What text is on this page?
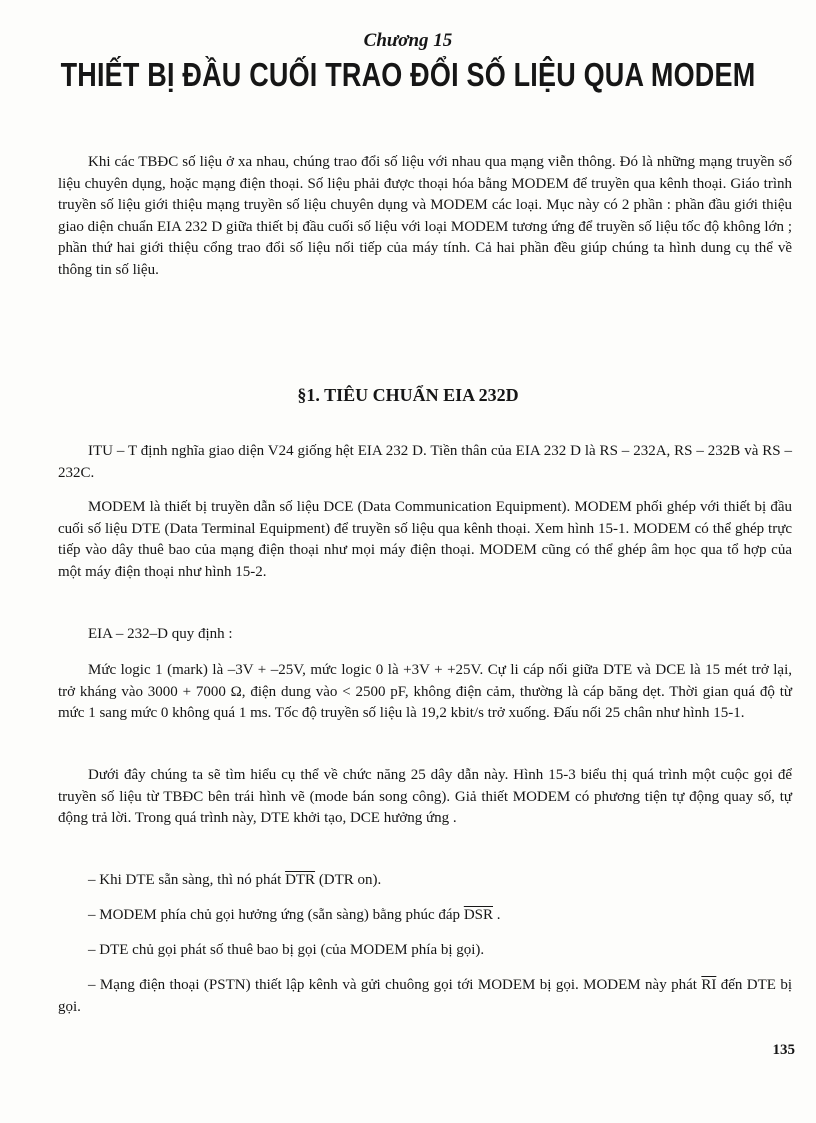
Chương 15
THIẾT BỊ ĐẦU CUỐI TRAO ĐỔI SỐ LIỆU QUA MODEM

Khi các TBĐC số liệu ở xa nhau, chúng trao đổi số liệu với nhau qua mạng viễn thông. Đó là những mạng truyền số liệu chuyên dụng, hoặc mạng điện thoại. Số liệu phải được thoại hóa bằng MODEM để truyền qua kênh thoại. Giáo trình truyền số liệu giới thiệu mạng truyền số liệu chuyên dụng và MODEM các loại. Mục này có 2 phần : phần đầu giới thiệu giao diện chuẩn EIA 232 D giữa thiết bị đầu cuối số liệu với loại MODEM tương ứng để truyền số liệu tốc độ không lớn ; phần thứ hai giới thiệu cổng trao đổi số liệu nối tiếp của máy tính. Cả hai phần đều giúp chúng ta hình dung cụ thể về thông tin số liệu.

§1. TIÊU CHUẨN EIA 232D

ITU – T định nghĩa giao diện V24 giống hệt EIA 232 D. Tiền thân của EIA 232 D là RS – 232A, RS – 232B và RS – 232C.

MODEM là thiết bị truyền dẫn số liệu DCE (Data Communication Equipment). MODEM phối ghép với thiết bị đầu cuối số liệu DTE (Data Terminal Equipment) để truyền số liệu qua kênh thoại. Xem hình 15-1. MODEM có thể ghép trực tiếp vào dây thuê bao của mạng điện thoại như mọi máy điện thoại. MODEM cũng có thể ghép âm học qua tổ hợp của một máy điện thoại như hình 15-2.

EIA – 232–D quy định :

Mức logic 1 (mark) là –3V + –25V, mức logic 0 là +3V + +25V. Cự li cáp nối giữa DTE và DCE là 15 mét trở lại, trở kháng vào 3000 + 7000 Ω, điện dung vào < 2500 pF, không điện cảm, thường là cáp băng dẹt. Thời gian quá độ từ mức 1 sang mức 0 không quá 1 ms. Tốc độ truyền số liệu là 19,2 kbit/s trở xuống. Đấu nối 25 chân như hình 15-1.

Dưới đây chúng ta sẽ tìm hiểu cụ thể về chức năng 25 dây dẫn này. Hình 15-3 biểu thị quá trình một cuộc gọi để truyền số liệu từ TBĐC bên trái hình vẽ (mode bán song công). Giả thiết MODEM có phương tiện tự động quay số, tự động trả lời. Trong quá trình này, DTE khởi tạo, DCE hưởng ứng .

– Khi DTE sẵn sàng, thì nó phát $\overline{DTR}$ (DTR on).

– MODEM phía chủ gọi hưởng ứng (sẵn sàng) bằng phúc đáp $\overline{DSR}$ .

– DTE chủ gọi phát số thuê bao bị gọi (của MODEM phía bị gọi).

– Mạng điện thoại (PSTN) thiết lập kênh và gửi chuông gọi tới MODEM bị gọi. MODEM này phát $\overline{RI}$ đến DTE bị gọi.

135
